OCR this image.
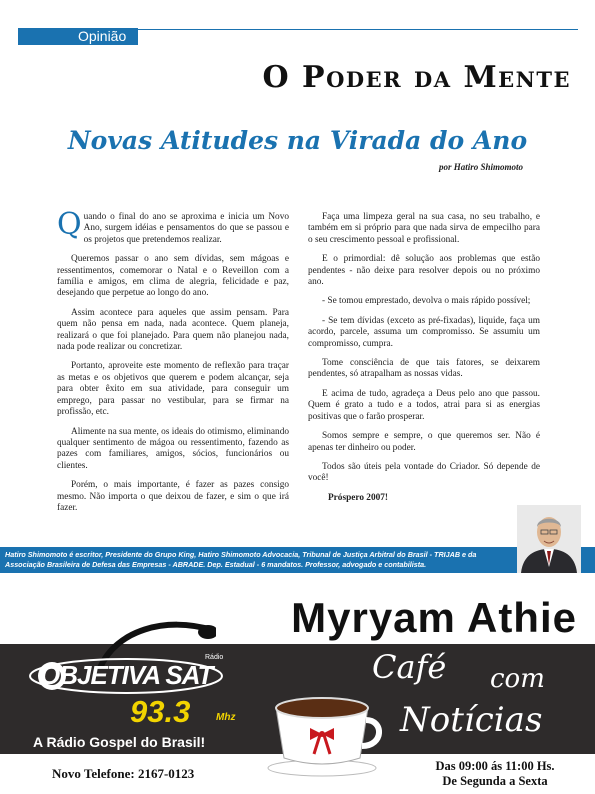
Opinião
O Poder da Mente
Novas Atitudes na Virada do Ano
por Hatiro Shimomoto

Quando o final do ano se aproxima e inicia um Novo Ano, surgem idéias e pensamentos do que se passou e os projetos que pretendemos realizar.

Queremos passar o ano sem dívidas, sem mágoas e ressentimentos, comemorar o Natal e o Reveillon com a família e amigos, em clima de alegria, felicidade e paz, desejando que perpetue ao longo do ano.

Assim acontece para aqueles que assim pensam. Para quem não pensa em nada, nada acontece. Quem planeja, realizará o que foi planejado. Para quem não planejou nada, nada pode realizar ou concretizar.

Portanto, aproveite este momento de reflexão para traçar as metas e os objetivos que querem e podem alcançar, seja para obter êxito em sua atividade, para conseguir um emprego, para passar no vestibular, para se firmar na profissão, etc.

Alimente na sua mente, os ideais do otimismo, eliminando qualquer sentimento de mágoa ou ressentimento, fazendo as pazes com familiares, amigos, sócios, funcionários ou clientes.

Porém, o mais importante, é fazer as pazes consigo mesmo. Não importa o que deixou de fazer, e sim o que irá fazer.

Faça uma limpeza geral na sua casa, no seu trabalho, e também em si próprio para que nada sirva de empecilho para o seu crescimento pessoal e profissional.

E o primordial: dê solução aos problemas que estão pendentes - não deixe para resolver depois ou no próximo ano.

- Se tomou emprestado, devolva o mais rápido possível;

- Se tem dívidas (exceto as pré-fixadas), liquide, faça um acordo, parcele, assuma um compromisso. Se assumiu um compromisso, cumpra.

Tome consciência de que tais fatores, se deixarem pendentes, só atrapalham as nossas vidas.

E acima de tudo, agradeça a Deus pelo ano que passou. Quem é grato a tudo e a todos, atrai para si as energias positivas que o farão prosperar.

Somos sempre e sempre, o que queremos ser. Não é apenas ter dinheiro ou poder.

Todos são úteis pela vontade do Criador. Só depende de você!

Próspero 2007!

Hatiro Shimomoto é escritor, Presidente do Grupo King, Hatiro Shimomoto Advocacia, Tribunal de Justiça Arbitral do Brasil - TRIJAB e da Associação Brasileira de Defesa das Empresas - ABRADE. Dep. Estadual - 6 mandatos. Professor, advogado e contabilista.
Myryam Athie
Rádio
OBJETIVA SAT
93.3	Mhz
A Rádio Gospel do Brasil!
Café com
Notícias
Novo Telefone: 2167-0123	Das 09:00 ás 11:00 Hs.
De Segunda a Sexta
